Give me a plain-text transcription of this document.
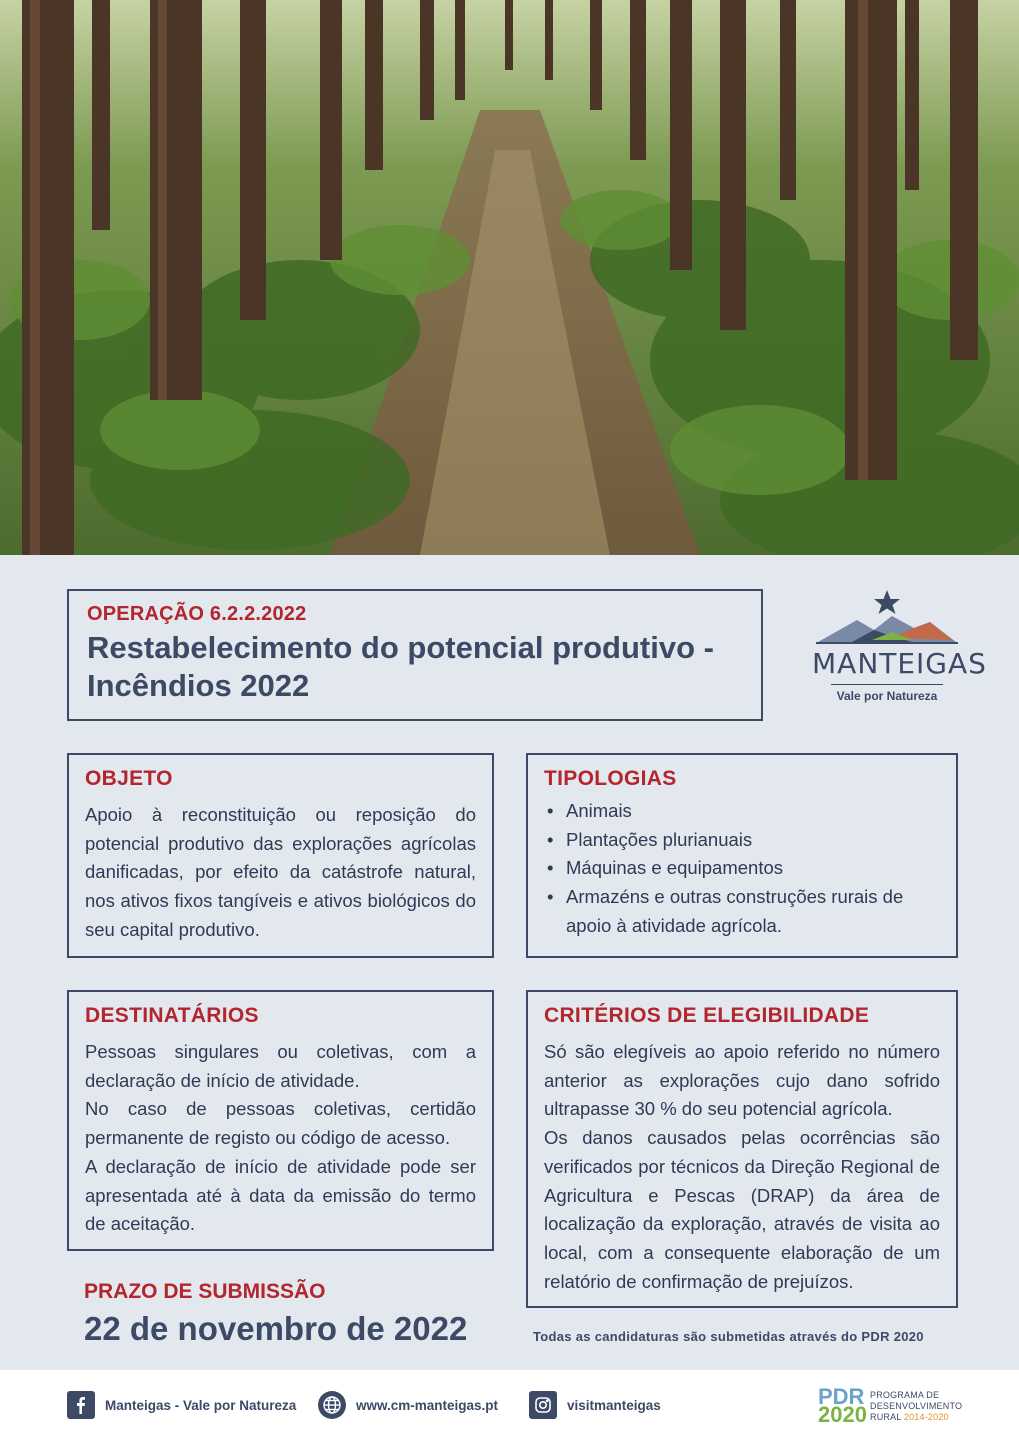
OPERAÇÃO 6.2.2.2022
Restabelecimento do potencial produtivo - Incêndios 2022
MANTEIGAS
Vale por Natureza
OBJETO

Apoio à reconstituição ou reposição do potencial produtivo das explorações agrícolas danificadas, por efeito da catástrofe natural, nos ativos fixos tangíveis e ativos biológicos do seu capital produtivo.

TIPOLOGIAS
• Animais
• Plantações plurianuais
• Máquinas e equipamentos
• Armazéns e outras construções rurais de apoio à atividade agrícola.
DESTINATÁRIOS

Pessoas singulares ou coletivas, com a declaração de início de atividade.

No caso de pessoas coletivas, certidão permanente de registo ou código de acesso.

A declaração de início de atividade pode ser apresentada até à data da emissão do termo de aceitação.

CRITÉRIOS DE ELEGIBILIDADE

Só são elegíveis ao apoio referido no número anterior as explorações cujo dano sofrido ultrapasse 30 % do seu potencial agrícola.

Os danos causados pelas ocorrências são verificados por técnicos da Direção Regional de Agricultura e Pescas (DRAP) da área de localização da exploração, através de visita ao local, com a consequente elaboração de um relatório de confirmação de prejuízos.

PRAZO DE SUBMISSÃO
22 de novembro de 2022	Todas as candidaturas são submetidas através do PDR 2020
Manteigas - Vale por Natureza	www.cm-manteigas.pt	visitmanteigas	PDR
2020
PROGRAMA DE
DESENVOLVIMENTO
RURAL 2014-2020
